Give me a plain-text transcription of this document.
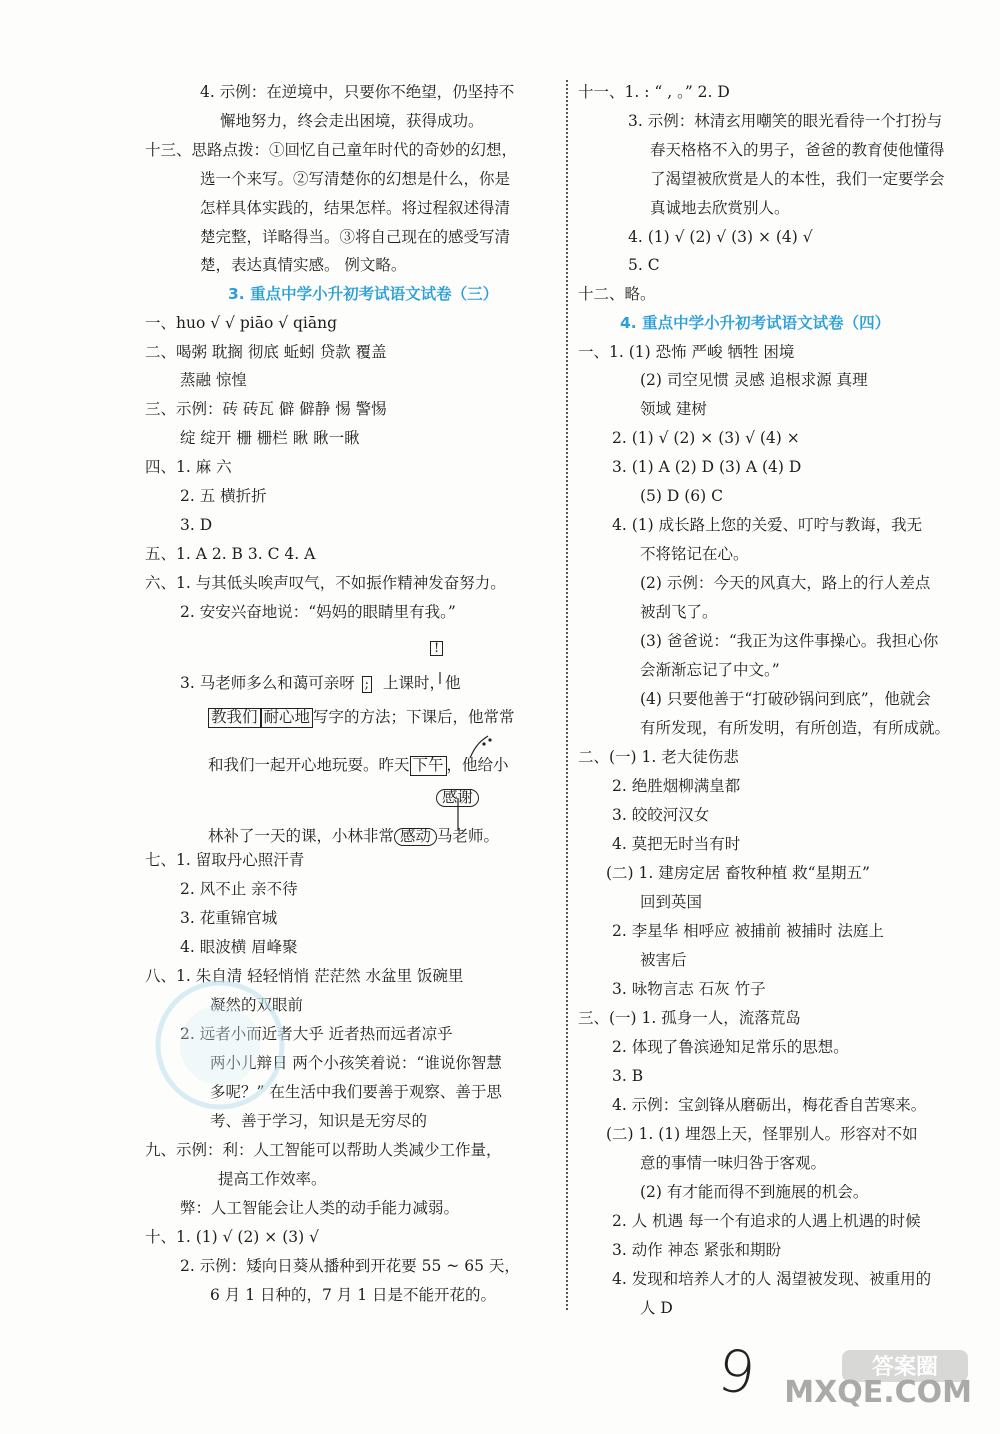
4. 示例：在逆境中，只要你不绝望，仍坚持不
懈地努力，终会走出困境，获得成功。
十三、思路点拨：①回忆自己童年时代的奇妙的幻想，
选一个来写。②写清楚你的幻想是什么，你是
怎样具体实践的，结果怎样。将过程叙述得清
楚完整，详略得当。③将自己现在的感受写清
楚，表达真情实感。 例文略。
3. 重点中学小升初考试语文试卷（三）
一、huo √ √ piāo √ qiāng
二、喝粥 耽搁 彻底 蚯蚓 贷款 覆盖
蒸融 惊惶
三、示例：砖 砖瓦 僻 僻静 惕 警惕
绽 绽开 栅 栅栏 瞅 瞅一瞅
四、1. 麻 六
2. 五 横折折
3. D
五、1. A 2. B 3. C 4. A
六、1. 与其低头唉声叹气，不如振作精神发奋努力。
2. 安安兴奋地说：“妈妈的眼睛里有我。”
七、1. 留取丹心照汗青
2. 风不止 亲不待
3. 花重锦官城
4. 眼波横 眉峰聚
八、1. 朱自清 轻轻悄悄 茫茫然 水盆里 饭碗里
凝然的双眼前
2. 远者小而近者大乎 近者热而远者凉乎
两小儿辩日 两个小孩笑着说：“谁说你智慧
多呢？” 在生活中我们要善于观察、善于思
考、善于学习，知识是无穷尽的
九、示例：利：人工智能可以帮助人类减少工作量，
提高工作效率。
弊：人工智能会让人类的动手能力减弱。
十、1. (1) √ (2) × (3) √
2. 示例：矮向日葵从播种到开花要 55 ~ 65 天，
6 月 1 日种的，7 月 1 日是不能开花的。
十一、1. : “ , 。” 2. D
3. 示例：林清玄用嘲笑的眼光看待一个打扮与
春天格格不入的男子，爸爸的教育使他懂得
了渴望被欣赏是人的本性，我们一定要学会
真诚地去欣赏别人。
4. (1) √ (2) √ (3) × (4) √
5. C
十二、略。
4. 重点中学小升初考试语文试卷（四）
一、1. (1) 恐怖 严峻 牺牲 困境
(2) 司空见惯 灵感 追根求源 真理
领域 建树
2. (1) √ (2) × (3) √ (4) ×
3. (1) A (2) D (3) A (4) D
(5) D (6) C
4. (1) 成长路上您的关爱、叮咛与教诲，我无
不将铭记在心。
(2) 示例：今天的风真大，路上的行人差点
被刮飞了。
(3) 爸爸说：“我正为这件事操心。我担心你
会渐渐忘记了中文。”
(4) 只要他善于“打破砂锅问到底”，他就会
有所发现，有所发明，有所创造，有所成就。
二、(一) 1. 老大徒伤悲
2. 绝胜烟柳满皇都
3. 皎皎河汉女
4. 莫把无时当有时
(二) 1. 建房定居 畜牧种植 救“星期五”
回到英国
2. 李星华 相呼应 被捕前 被捕时 法庭上
被害后
3. 咏物言志 石灰 竹子
三、(一) 1. 孤身一人，流落荒岛
2. 体现了鲁滨逊知足常乐的思想。
3. B
4. 示例：宝剑锋从磨砺出，梅花香自苦寒来。
(二) 1. (1) 埋怨上天，怪罪别人。形容对不如
意的事情一味归咎于客观。
(2) 有才能而得不到施展的机会。
2. 人 机遇 每一个有追求的人遇上机遇的时候
3. 动作 神态 紧张和期盼
4. 发现和培养人才的人 渴望被发现、被重用的
人 D
!
3. 马老师多么和蔼可亲呀 ; 上课时，他
教我们 耐心地 写字的方法；下课后，他常常
和我们一起开心地玩耍。昨天 下午 ，他给小
感谢
林补了一天的课，小林非常 感动 马老师。
9	答案圈
MXQE.COM
